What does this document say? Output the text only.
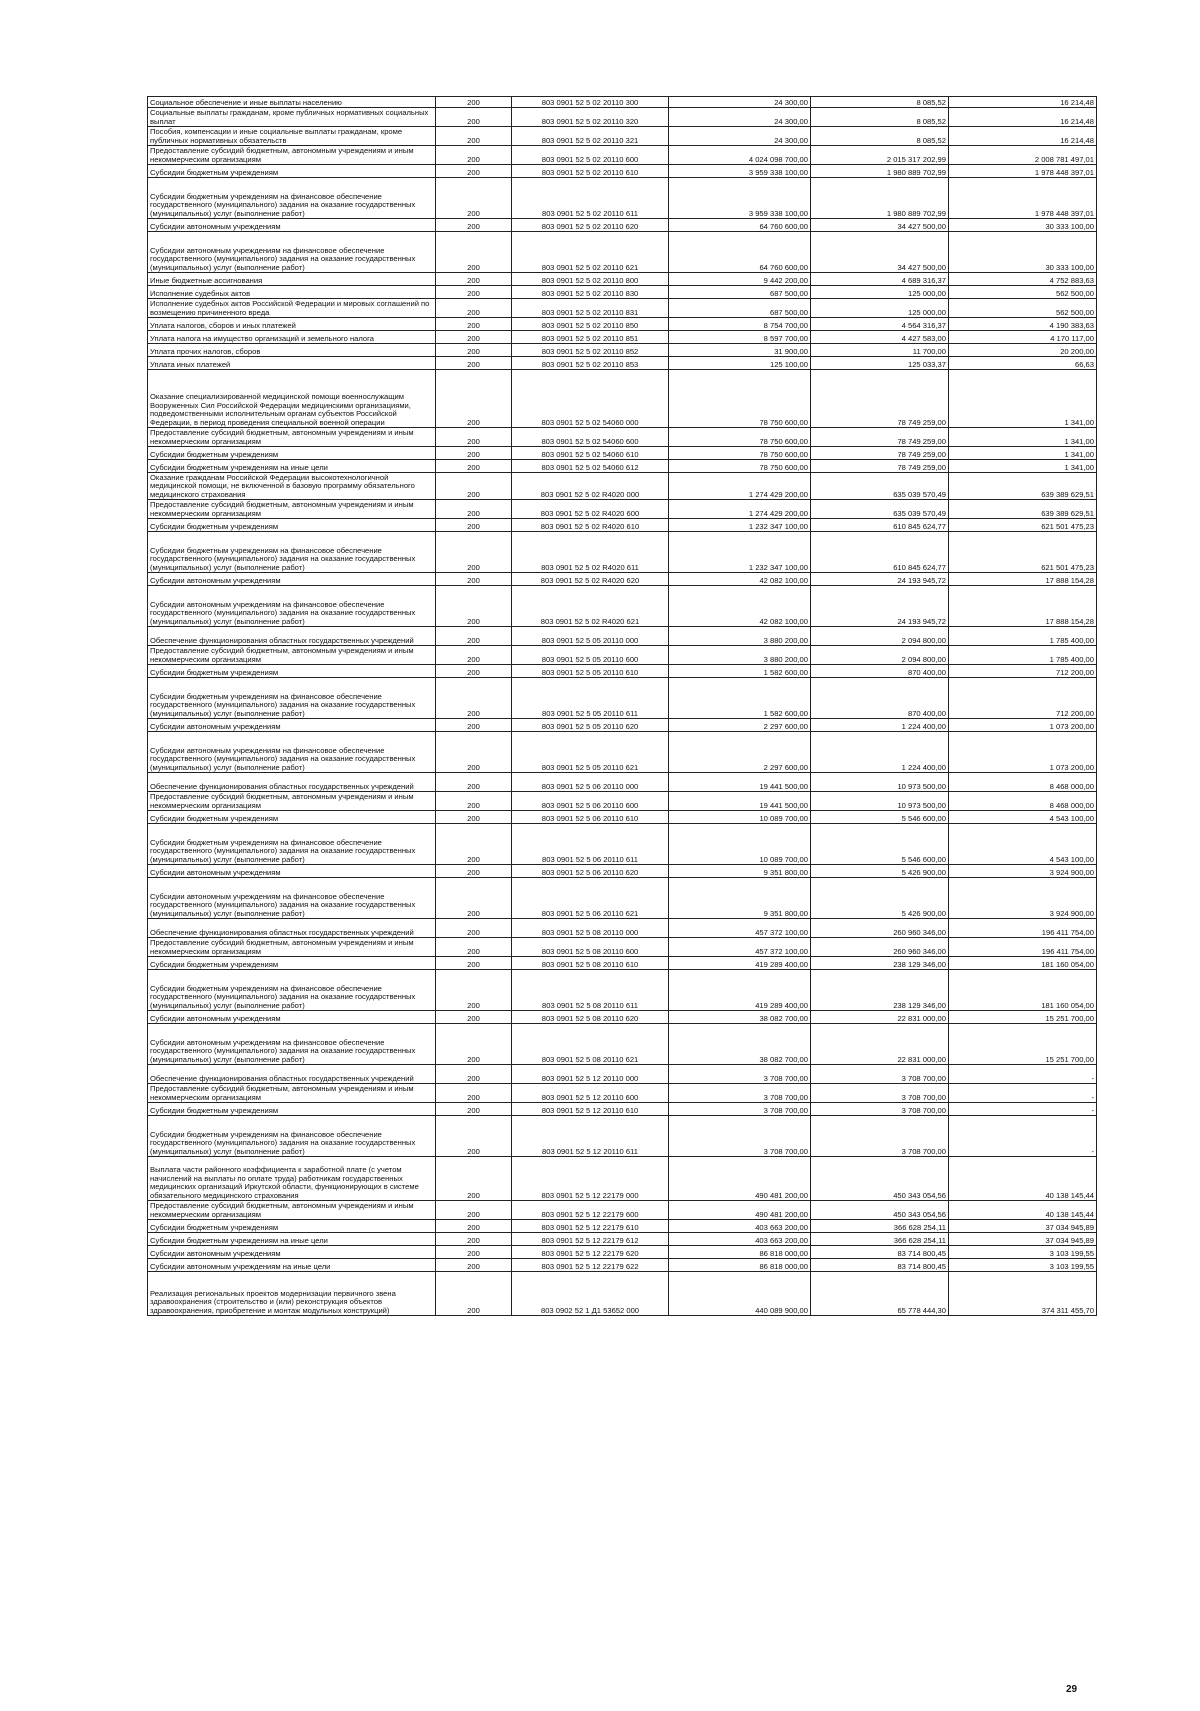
Социальное обеспечение и иные выплаты населению	200	803 0901 52 5 02 20110 300	24 300,00	8 085,52	16 214,48
Социальные выплаты гражданам, кроме публичных нормативных социальных выплат	200	803 0901 52 5 02 20110 320	24 300,00	8 085,52	16 214,48
Пособия, компенсации и иные социальные выплаты гражданам, кроме публичных нормативных обязательств	200	803 0901 52 5 02 20110 321	24 300,00	8 085,52	16 214,48
Предоставление субсидий бюджетным, автономным учреждениям и иным некоммерческим организациям	200	803 0901 52 5 02 20110 600	4 024 098 700,00	2 015 317 202,99	2 008 781 497,01
Субсидии бюджетным учреждениям	200	803 0901 52 5 02 20110 610	3 959 338 100,00	1 980 889 702,99	1 978 448 397,01
Субсидии бюджетным учреждениям на финансовое обеспечение государственного (муниципального) задания на оказание государственных (муниципальных) услуг (выполнение работ)	200	803 0901 52 5 02 20110 611	3 959 338 100,00	1 980 889 702,99	1 978 448 397,01
Субсидии автономным учреждениям	200	803 0901 52 5 02 20110 620	64 760 600,00	34 427 500,00	30 333 100,00
Субсидии автономным учреждениям на финансовое обеспечение государственного (муниципального) задания на оказание государственных (муниципальных) услуг (выполнение работ)	200	803 0901 52 5 02 20110 621	64 760 600,00	34 427 500,00	30 333 100,00
Иные бюджетные ассигнования	200	803 0901 52 5 02 20110 800	9 442 200,00	4 689 316,37	4 752 883,63
Исполнение судебных актов	200	803 0901 52 5 02 20110 830	687 500,00	125 000,00	562 500,00
Исполнение судебных актов Российской Федерации и мировых соглашений по возмещению причиненного вреда	200	803 0901 52 5 02 20110 831	687 500,00	125 000,00	562 500,00
Уплата налогов, сборов и иных платежей	200	803 0901 52 5 02 20110 850	8 754 700,00	4 564 316,37	4 190 383,63
Уплата налога на имущество организаций и земельного налога	200	803 0901 52 5 02 20110 851	8 597 700,00	4 427 583,00	4 170 117,00
Уплата прочих налогов, сборов	200	803 0901 52 5 02 20110 852	31 900,00	11 700,00	20 200,00
Уплата иных платежей	200	803 0901 52 5 02 20110 853	125 100,00	125 033,37	66,63
Оказание специализированной медицинской помощи военнослужащим Вооруженных Сил Российской Федерации медицинскими организациями, подведомственными исполнительным органам субъектов Российской Федерации, в период проведения специальной военной операции	200	803 0901 52 5 02 54060 000	78 750 600,00	78 749 259,00	1 341,00
Предоставление субсидий бюджетным, автономным учреждениям и иным некоммерческим организациям	200	803 0901 52 5 02 54060 600	78 750 600,00	78 749 259,00	1 341,00
Субсидии бюджетным учреждениям	200	803 0901 52 5 02 54060 610	78 750 600,00	78 749 259,00	1 341,00
Субсидии бюджетным учреждениям на иные цели	200	803 0901 52 5 02 54060 612	78 750 600,00	78 749 259,00	1 341,00
Оказание гражданам Российской Федерации высокотехнологичной медицинской помощи, не включенной в базовую программу обязательного медицинского страхования	200	803 0901 52 5 02 R4020 000	1 274 429 200,00	635 039 570,49	639 389 629,51
Предоставление субсидий бюджетным, автономным учреждениям и иным некоммерческим организациям	200	803 0901 52 5 02 R4020 600	1 274 429 200,00	635 039 570,49	639 389 629,51
Субсидии бюджетным учреждениям	200	803 0901 52 5 02 R4020 610	1 232 347 100,00	610 845 624,77	621 501 475,23
Субсидии бюджетным учреждениям на финансовое обеспечение государственного (муниципального) задания на оказание государственных (муниципальных) услуг (выполнение работ)	200	803 0901 52 5 02 R4020 611	1 232 347 100,00	610 845 624,77	621 501 475,23
Субсидии автономным учреждениям	200	803 0901 52 5 02 R4020 620	42 082 100,00	24 193 945,72	17 888 154,28
Субсидии автономным учреждениям на финансовое обеспечение государственного (муниципального) задания на оказание государственных (муниципальных) услуг (выполнение работ)	200	803 0901 52 5 02 R4020 621	42 082 100,00	24 193 945,72	17 888 154,28
Обеспечение функционирования областных государственных учреждений	200	803 0901 52 5 05 20110 000	3 880 200,00	2 094 800,00	1 785 400,00
Предоставление субсидий бюджетным, автономным учреждениям и иным некоммерческим организациям	200	803 0901 52 5 05 20110 600	3 880 200,00	2 094 800,00	1 785 400,00
Субсидии бюджетным учреждениям	200	803 0901 52 5 05 20110 610	1 582 600,00	870 400,00	712 200,00
Субсидии бюджетным учреждениям на финансовое обеспечение государственного (муниципального) задания на оказание государственных (муниципальных) услуг (выполнение работ)	200	803 0901 52 5 05 20110 611	1 582 600,00	870 400,00	712 200,00
Субсидии автономным учреждениям	200	803 0901 52 5 05 20110 620	2 297 600,00	1 224 400,00	1 073 200,00
Субсидии автономным учреждениям на финансовое обеспечение государственного (муниципального) задания на оказание государственных (муниципальных) услуг (выполнение работ)	200	803 0901 52 5 05 20110 621	2 297 600,00	1 224 400,00	1 073 200,00
Обеспечение функционирования областных государственных учреждений	200	803 0901 52 5 06 20110 000	19 441 500,00	10 973 500,00	8 468 000,00
Предоставление субсидий бюджетным, автономным учреждениям и иным некоммерческим организациям	200	803 0901 52 5 06 20110 600	19 441 500,00	10 973 500,00	8 468 000,00
Субсидии бюджетным учреждениям	200	803 0901 52 5 06 20110 610	10 089 700,00	5 546 600,00	4 543 100,00
Субсидии бюджетным учреждениям на финансовое обеспечение государственного (муниципального) задания на оказание государственных (муниципальных) услуг (выполнение работ)	200	803 0901 52 5 06 20110 611	10 089 700,00	5 546 600,00	4 543 100,00
Субсидии автономным учреждениям	200	803 0901 52 5 06 20110 620	9 351 800,00	5 426 900,00	3 924 900,00
Субсидии автономным учреждениям на финансовое обеспечение государственного (муниципального) задания на оказание государственных (муниципальных) услуг (выполнение работ)	200	803 0901 52 5 06 20110 621	9 351 800,00	5 426 900,00	3 924 900,00
Обеспечение функционирования областных государственных учреждений	200	803 0901 52 5 08 20110 000	457 372 100,00	260 960 346,00	196 411 754,00
Предоставление субсидий бюджетным, автономным учреждениям и иным некоммерческим организациям	200	803 0901 52 5 08 20110 600	457 372 100,00	260 960 346,00	196 411 754,00
Субсидии бюджетным учреждениям	200	803 0901 52 5 08 20110 610	419 289 400,00	238 129 346,00	181 160 054,00
Субсидии бюджетным учреждениям на финансовое обеспечение государственного (муниципального) задания на оказание государственных (муниципальных) услуг (выполнение работ)	200	803 0901 52 5 08 20110 611	419 289 400,00	238 129 346,00	181 160 054,00
Субсидии автономным учреждениям	200	803 0901 52 5 08 20110 620	38 082 700,00	22 831 000,00	15 251 700,00
Субсидии автономным учреждениям на финансовое обеспечение государственного (муниципального) задания на оказание государственных (муниципальных) услуг (выполнение работ)	200	803 0901 52 5 08 20110 621	38 082 700,00	22 831 000,00	15 251 700,00
Обеспечение функционирования областных государственных учреждений	200	803 0901 52 5 12 20110 000	3 708 700,00	3 708 700,00	-
Предоставление субсидий бюджетным, автономным учреждениям и иным некоммерческим организациям	200	803 0901 52 5 12 20110 600	3 708 700,00	3 708 700,00	-
Субсидии бюджетным учреждениям	200	803 0901 52 5 12 20110 610	3 708 700,00	3 708 700,00	-
Субсидии бюджетным учреждениям на финансовое обеспечение государственного (муниципального) задания на оказание государственных (муниципальных) услуг (выполнение работ)	200	803 0901 52 5 12 20110 611	3 708 700,00	3 708 700,00	-
Выплата части районного коэффициента к заработной плате (с учетом начислений на выплаты по оплате труда) работникам государственных медицинских организаций Иркутской области, функционирующих в системе обязательного медицинского страхования	200	803 0901 52 5 12 22179 000	490 481 200,00	450 343 054,56	40 138 145,44
Предоставление субсидий бюджетным, автономным учреждениям и иным некоммерческим организациям	200	803 0901 52 5 12 22179 600	490 481 200,00	450 343 054,56	40 138 145,44
Субсидии бюджетным учреждениям	200	803 0901 52 5 12 22179 610	403 663 200,00	366 628 254,11	37 034 945,89
Субсидии бюджетным учреждениям на иные цели	200	803 0901 52 5 12 22179 612	403 663 200,00	366 628 254,11	37 034 945,89
Субсидии автономным учреждениям	200	803 0901 52 5 12 22179 620	86 818 000,00	83 714 800,45	3 103 199,55
Субсидии автономным учреждениям на иные цели	200	803 0901 52 5 12 22179 622	86 818 000,00	83 714 800,45	3 103 199,55
Реализация региональных проектов модернизации первичного звена здравоохранения (строительство и (или) реконструкция объектов здравоохранения, приобретение и монтаж модульных конструкций)	200	803 0902 52 1 Д1 53652 000	440 089 900,00	65 778 444,30	374 311 455,70
29
